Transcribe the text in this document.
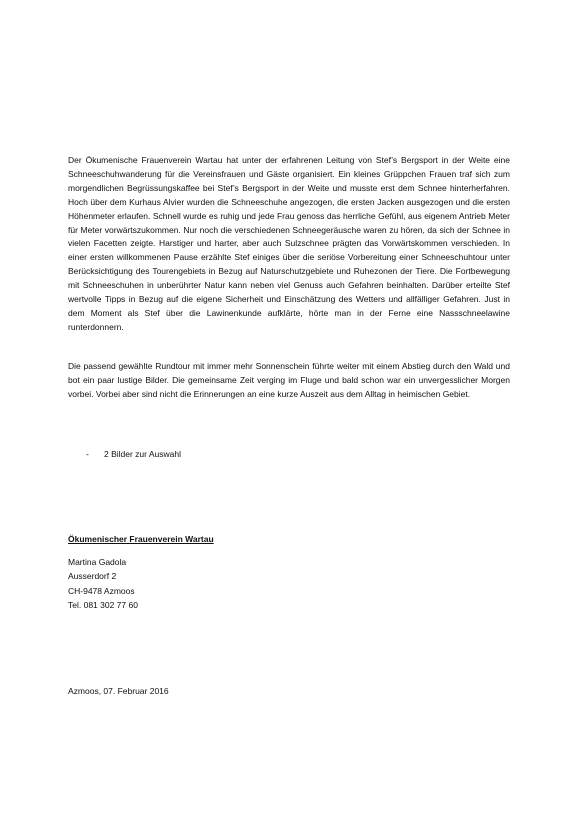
Der Ökumenische Frauenverein Wartau hat unter der erfahrenen Leitung von Stef’s Bergsport in der Weite eine Schneeschuhwanderung für die Vereinsfrauen und Gäste organisiert. Ein kleines Grüppchen Frauen traf sich zum morgendlichen Begrüssungskaffee bei Stef’s Bergsport in der Weite und musste erst dem Schnee hinterherfahren. Hoch über dem Kurhaus Alvier wurden die Schneeschuhe angezogen, die ersten Jacken ausgezogen und die ersten Höhenmeter erlaufen. Schnell wurde es ruhig und jede Frau genoss das herrliche Gefühl, aus eigenem Antrieb Meter für Meter vorwärtszukommen. Nur noch die verschiedenen Schneegeräusche waren zu hören, da sich der Schnee in vielen Facetten zeigte. Harstiger und harter, aber auch Sulzschnee prägten das Vorwärtskommen verschieden. In einer ersten willkommenen Pause erzählte Stef einiges über die seriöse Vorbereitung einer Schneeschuhtour unter Berücksichtigung des Tourengebiets in Bezug auf Naturschutzgebiete und Ruhezonen der Tiere. Die Fortbewegung mit Schneeschuhen in unberührter Natur kann neben viel Genuss auch Gefahren beinhalten. Darüber erteilte Stef wertvolle Tipps in Bezug auf die eigene Sicherheit und Einschätzung des Wetters und allfälliger Gefahren. Just in dem Moment als Stef über die Lawinenkunde aufklärte, hörte man in der Ferne eine Nassschneelawine runterdonnern.

Die passend gewählte Rundtour mit immer mehr Sonnenschein führte weiter mit einem Abstieg durch den Wald und bot ein paar lustige Bilder. Die gemeinsame Zeit verging im Fluge und bald schon war ein unvergesslicher Morgen vorbei. Vorbei aber sind nicht die Erinnerungen an eine kurze Auszeit aus dem Alltag in heimischen Gebiet.

- 2 Bilder zur Auswahl

Ökumenischer Frauenverein Wartau

Martina Gadola
Ausserdorf 2
CH-9478 Azmoos
Tel. 081 302 77 60

Azmoos, 07. Februar 2016
